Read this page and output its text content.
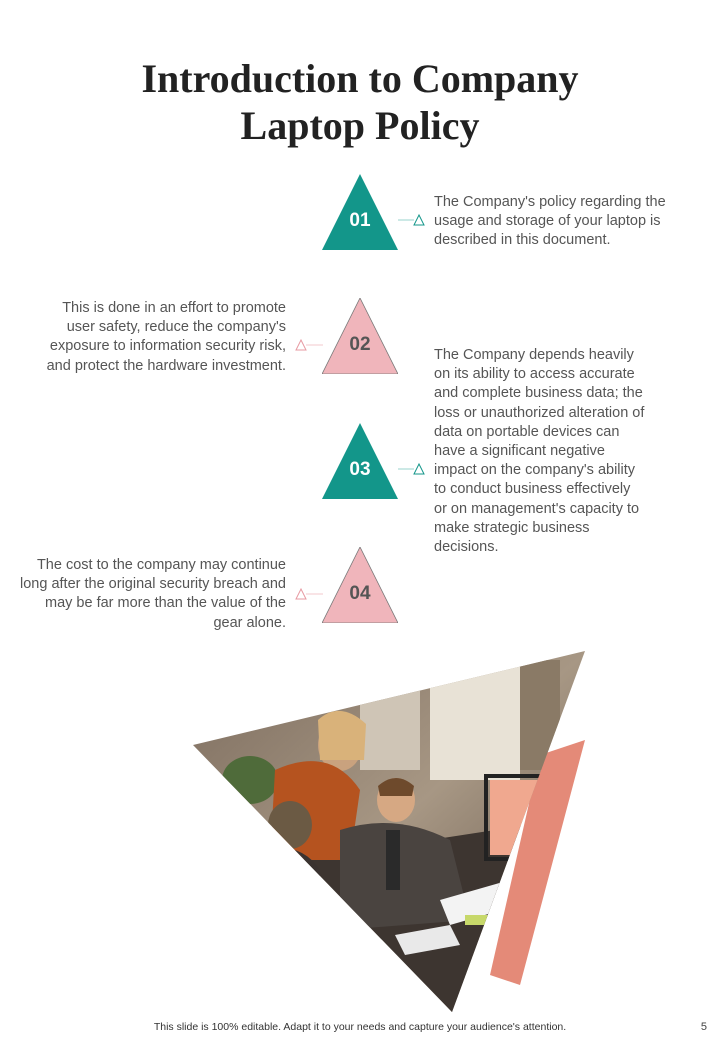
Introduction to Company
Laptop Policy
01
The Company's policy regarding the usage and storage of your laptop is described in this document.
02
This is done in an effort to promote user safety, reduce the company's exposure to information security risk, and protect the hardware investment.
03
The Company depends heavily on its ability to access accurate and complete business data; the loss or unauthorized alteration of data on portable devices can have a significant negative impact on the company's ability to conduct business effectively or on management's capacity to make strategic business decisions.
04
The cost to the company may continue long after the original security breach and may be far more than the value of the gear alone.
This slide is 100% editable. Adapt it to your needs and capture your audience's attention.	5
